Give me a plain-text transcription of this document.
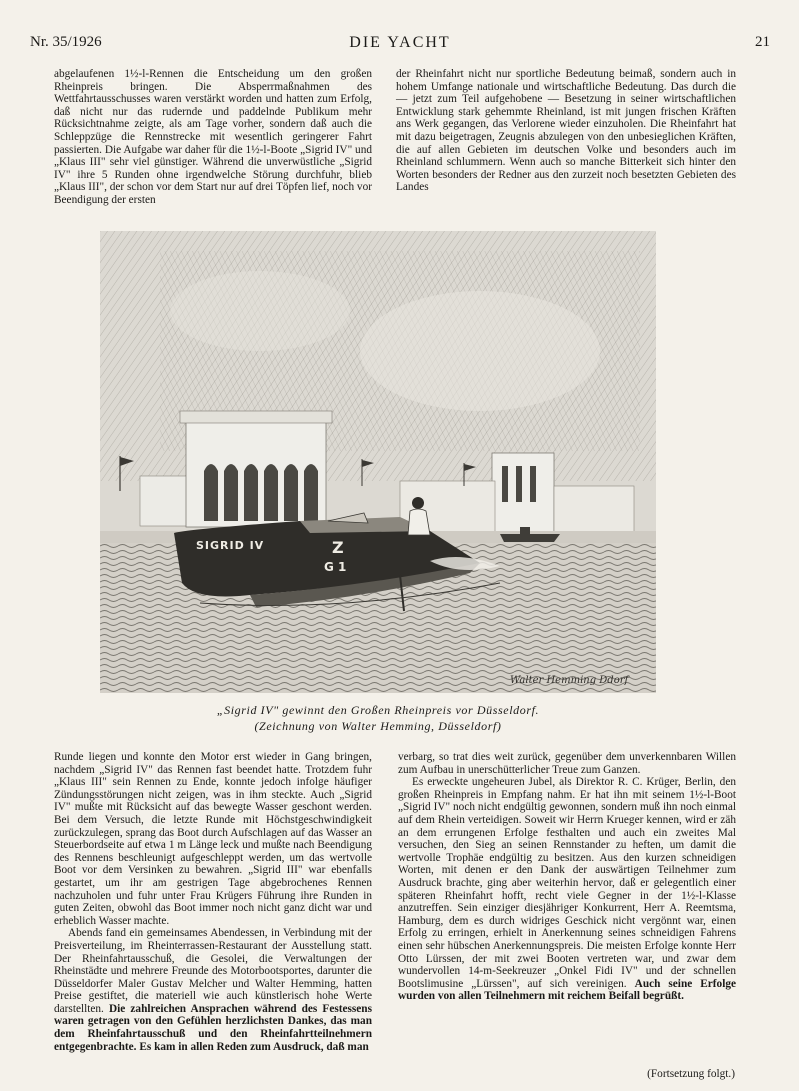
Nr. 35/1926	DIE YACHT	21

abgelaufenen 1½-l-Rennen die Entscheidung um den großen Rheinpreis bringen. Die Absperrmaßnahmen des Wettfahrtausschusses waren verstärkt worden und hatten zum Erfolg, daß nicht nur das rudernde und paddelnde Publikum mehr Rücksichtnahme zeigte, als am Tage vorher, sondern daß auch die Schleppzüge die Rennstrecke mit wesentlich geringerer Fahrt passierten. Die Aufgabe war daher für die 1½-l-Boote „Sigrid IV" und „Klaus III" sehr viel günstiger. Während die unverwüstliche „Sigrid IV" ihre 5 Runden ohne irgendwelche Störung durchfuhr, blieb „Klaus III", der schon vor dem Start nur auf drei Töpfen lief, noch vor Beendigung der ersten

der Rheinfahrt nicht nur sportliche Bedeutung beimaß, sondern auch in hohem Umfange nationale und wirtschaftliche Bedeutung. Das durch die — jetzt zum Teil aufgehobene — Besetzung in seiner wirtschaftlichen Entwicklung stark gehemmte Rheinland, ist mit jungen frischen Kräften ans Werk gegangen, das Verlorene wieder einzuholen. Die Rheinfahrt hat mit dazu beigetragen, Zeugnis abzulegen von den unbesieglichen Kräften, die auf allen Gebieten im deutschen Volke und besonders auch im Rheinland schlummern. Wenn auch so manche Bitterkeit sich hinter den Worten besonders der Redner aus den zurzeit noch besetzten Gebieten des Landes

SIGRID IV	Z
G 1
Walter Hemming Ddorf
„Sigrid IV" gewinnt den Großen Rheinpreis vor Düsseldorf.
(Zeichnung von Walter Hemming, Düsseldorf)

Runde liegen und konnte den Motor erst wieder in Gang bringen, nachdem „Sigrid IV" das Rennen fast beendet hatte. Trotzdem fuhr „Klaus III" sein Rennen zu Ende, konnte jedoch infolge häufiger Zündungsstörungen nicht zeigen, was in ihm steckte. Auch „Sigrid IV" mußte mit Rücksicht auf das bewegte Wasser geschont werden. Bei dem Versuch, die letzte Runde mit Höchstgeschwindigkeit zurückzulegen, sprang das Boot durch Aufschlagen auf das Wasser an Steuerbordseite auf etwa 1 m Länge leck und mußte nach Beendigung des Rennens beschleunigt aufgeschleppt werden, um das wertvolle Boot vor dem Versinken zu bewahren. „Sigrid III" war ebenfalls gestartet, um ihr am gestrigen Tage abgebrochenes Rennen nachzuholen und fuhr unter Frau Krügers Führung ihre Runden in guten Zeiten, obwohl das Boot immer noch nicht ganz dicht war und erheblich Wasser machte.

Abends fand ein gemeinsames Abendessen, in Verbindung mit der Preisverteilung, im Rheinterrassen-Restaurant der Ausstellung statt. Der Rheinfahrtausschuß, die Gesolei, die Verwaltungen der Rheinstädte und mehrere Freunde des Motorbootsportes, darunter die Düsseldorfer Maler Gustav Melcher und Walter Hemming, hatten Preise gestiftet, die materiell wie auch künstlerisch hohe Werte darstellten. Die zahlreichen Ansprachen während des Festessens waren getragen von den Gefühlen herzlichsten Dankes, das man dem Rheinfahrtausschuß und den Rheinfahrtteilnehmern entgegenbrachte. Es kam in allen Reden zum Ausdruck, daß man

verbarg, so trat dies weit zurück, gegenüber dem unverkennbaren Willen zum Aufbau in unerschütterlicher Treue zum Ganzen.

Es erweckte ungeheuren Jubel, als Direktor R. C. Krüger, Berlin, den großen Rheinpreis in Empfang nahm. Er hat ihn mit seinem 1½-l-Boot „Sigrid IV" noch nicht endgültig gewonnen, sondern muß ihn noch einmal auf dem Rhein verteidigen. Soweit wir Herrn Krueger kennen, wird er zäh an dem errungenen Erfolge festhalten und auch ein zweites Mal versuchen, den Sieg an seinen Rennstander zu heften, um damit die wertvolle Trophäe endgültig zu besitzen. Aus den kurzen schneidigen Worten, mit denen er den Dank der auswärtigen Teilnehmer zum Ausdruck brachte, ging aber weiterhin hervor, daß er gelegentlich einer späteren Rheinfahrt hofft, recht viele Gegner in der 1½-l-Klasse anzutreffen. Sein einziger diesjähriger Konkurrent, Herr A. Reemtsma, Hamburg, dem es durch widriges Geschick nicht vergönnt war, einen Erfolg zu erringen, erhielt in Anerkennung seines schneidigen Fahrens einen sehr hübschen Anerkennungspreis. Die meisten Erfolge konnte Herr Otto Lürssen, der mit zwei Booten vertreten war, und zwar dem wundervollen 14-m-Seekreuzer „Onkel Fidi IV" und der schnellen Bootslimusine „Lürssen", auf sich vereinigen. Auch seine Erfolge wurden von allen Teilnehmern mit reichem Beifall begrüßt.

(Fortsetzung folgt.)
